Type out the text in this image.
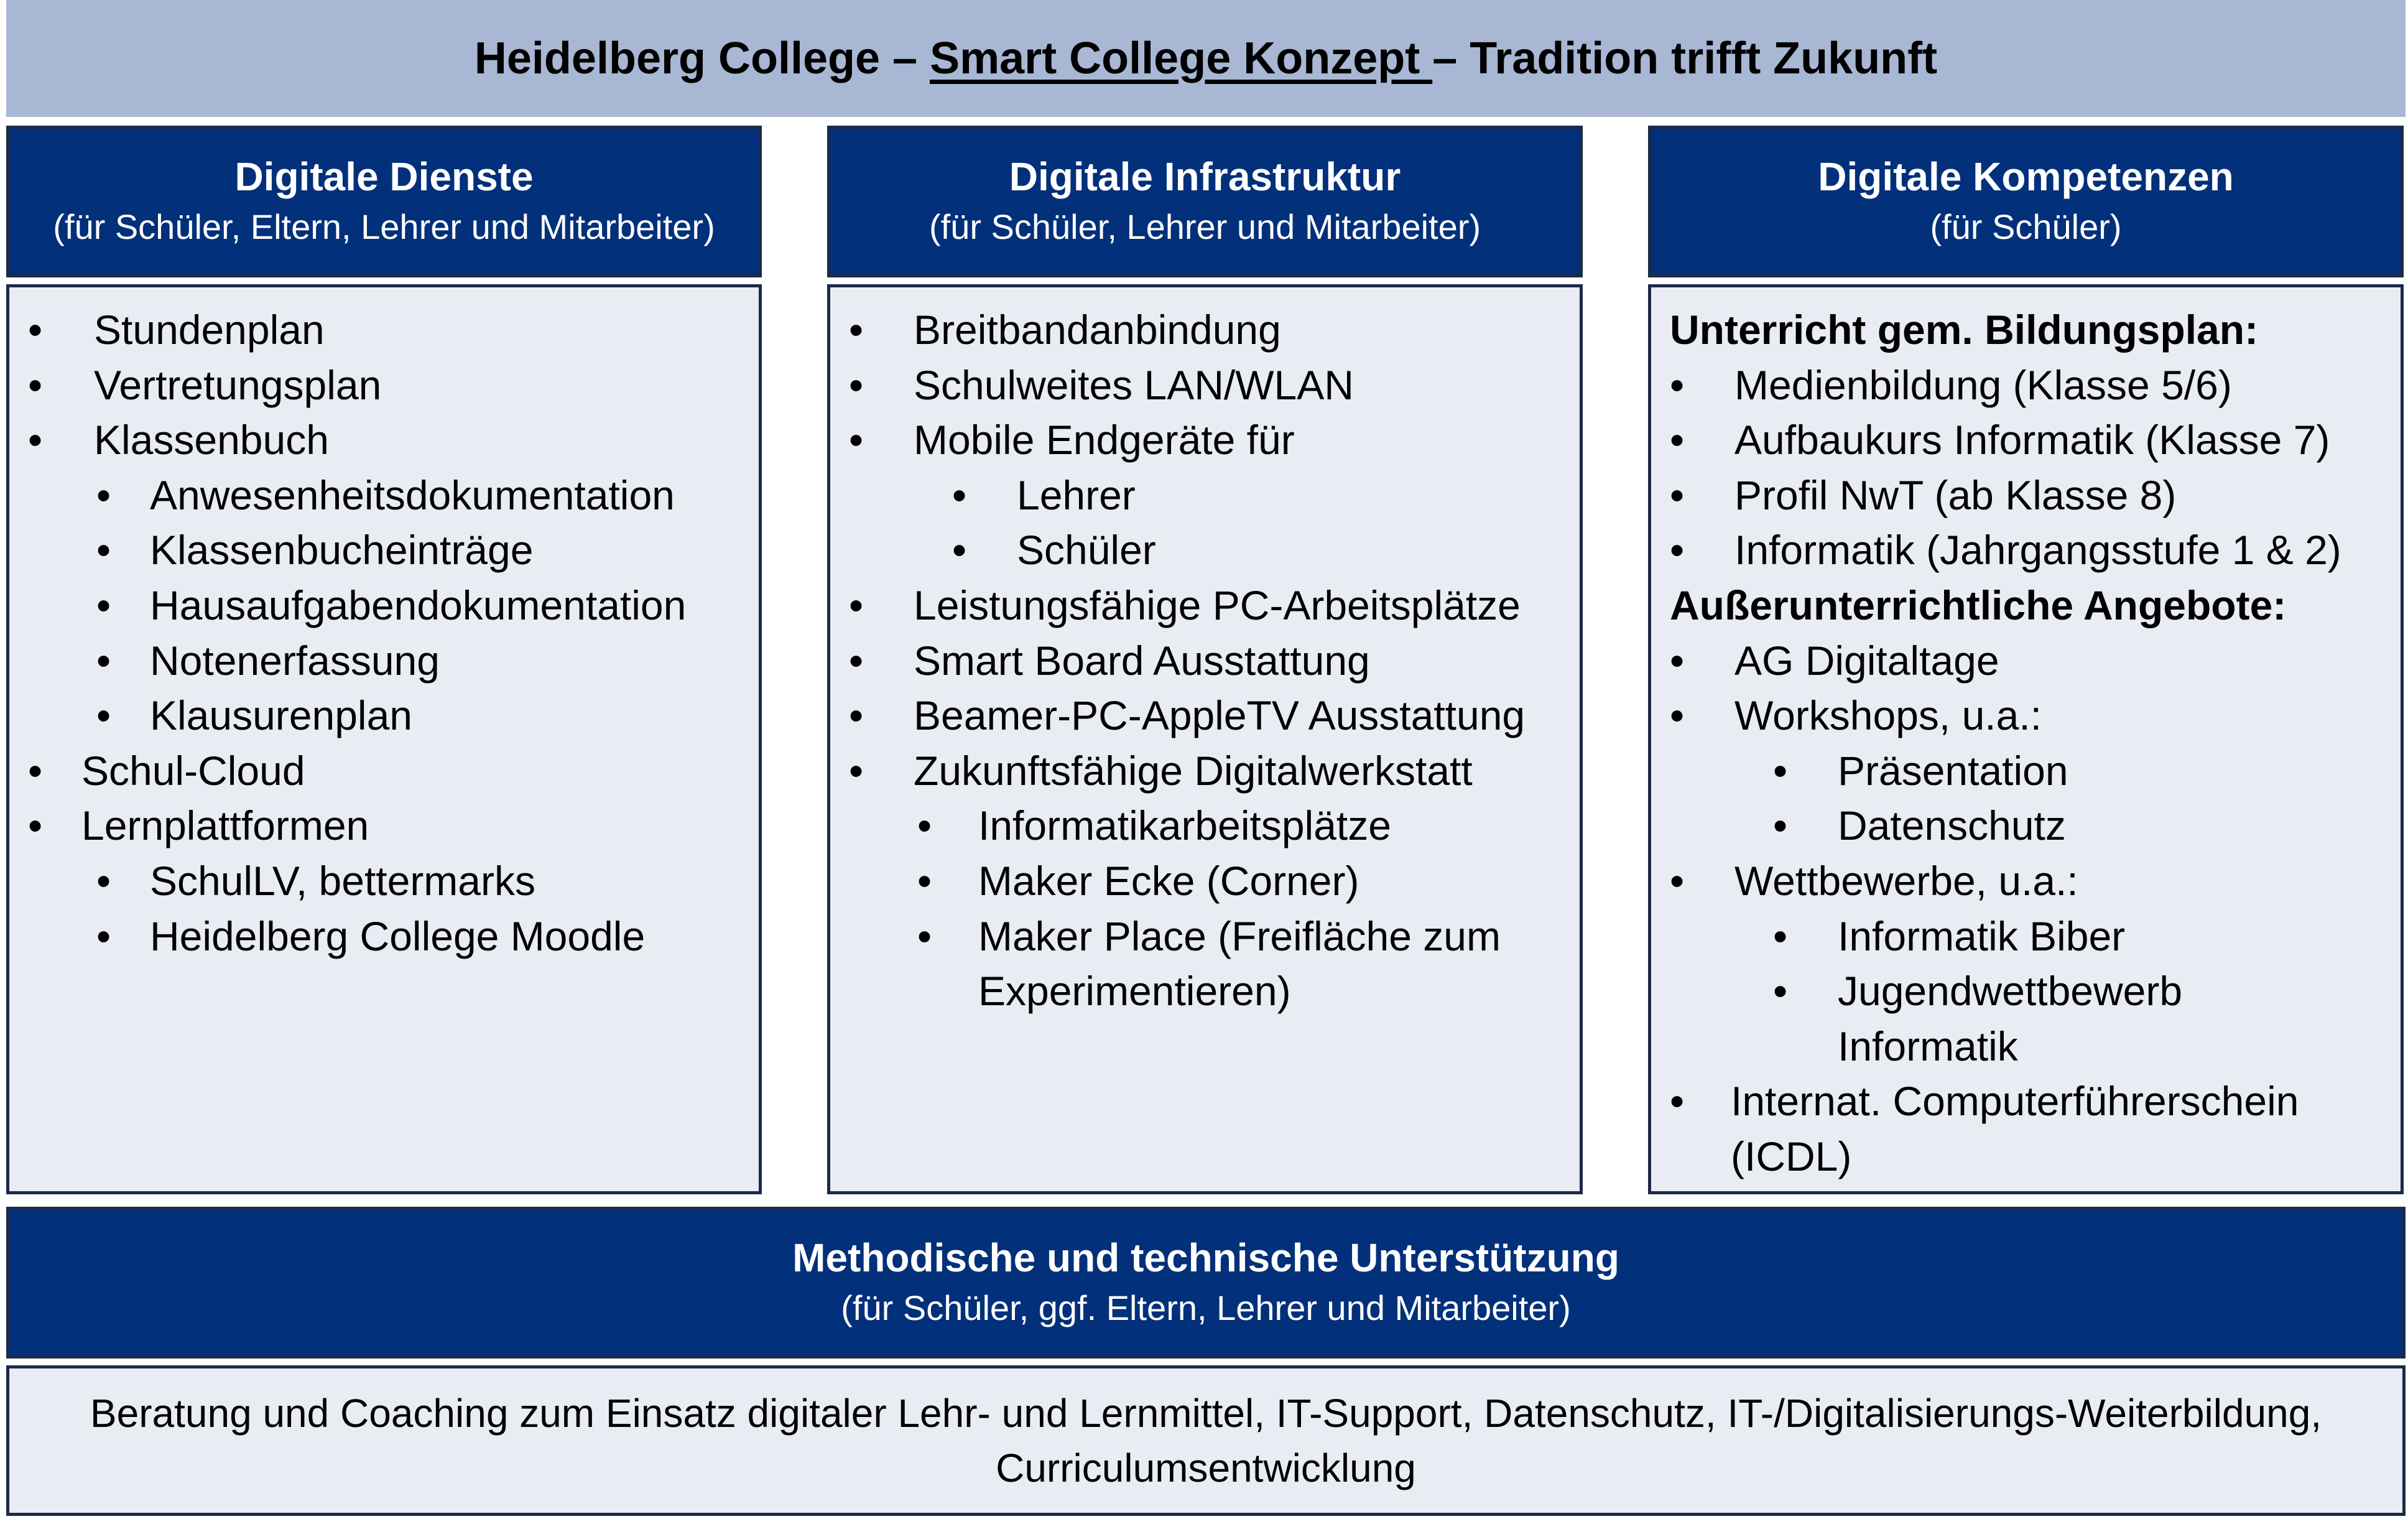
Heidelberg College – Smart College Konzept – Tradition trifft Zukunft
Digitale Dienste
(für Schüler, Eltern, Lehrer und Mitarbeiter)
• Stundenplan
• Vertretungsplan
• Klassenbuch
• Anwesenheitsdokumentation
• Klassenbucheinträge
• Hausaufgabendokumentation
• Notenerfassung
• Klausurenplan
• Schul-Cloud
• Lernplattformen
• SchulLV, bettermarks
• Heidelberg College Moodle
Digitale Infrastruktur
(für Schüler, Lehrer und Mitarbeiter)
• Breitbandanbindung
• Schulweites LAN/WLAN
• Mobile Endgeräte für
• Lehrer
• Schüler
• Leistungsfähige PC-Arbeitsplätze
• Smart Board Ausstattung
• Beamer-PC-AppleTV Ausstattung
• Zukunftsfähige Digitalwerkstatt
• Informatikarbeitsplätze
• Maker Ecke (Corner)
• Maker Place (Freifläche zum
Experimentieren)
Digitale Kompetenzen
(für Schüler)
Unterricht gem. Bildungsplan:
• Medienbildung (Klasse 5/6)
• Aufbaukurs Informatik (Klasse 7)
• Profil NwT (ab Klasse 8)
• Informatik (Jahrgangsstufe 1 & 2)
Außerunterrichtliche Angebote:
• AG Digitaltage
• Workshops, u.a.:
• Präsentation
• Datenschutz
• Wettbewerbe, u.a.:
• Informatik Biber
• Jugendwettbewerb
Informatik
• Internat. Computerführerschein
(ICDL)
Methodische und technische Unterstützung
(für Schüler, ggf. Eltern, Lehrer und Mitarbeiter)
Beratung und Coaching zum Einsatz digitaler Lehr- und Lernmittel, IT-Support, Datenschutz, IT-/Digitalisierungs-Weiterbildung,
Curriculumsentwicklung
